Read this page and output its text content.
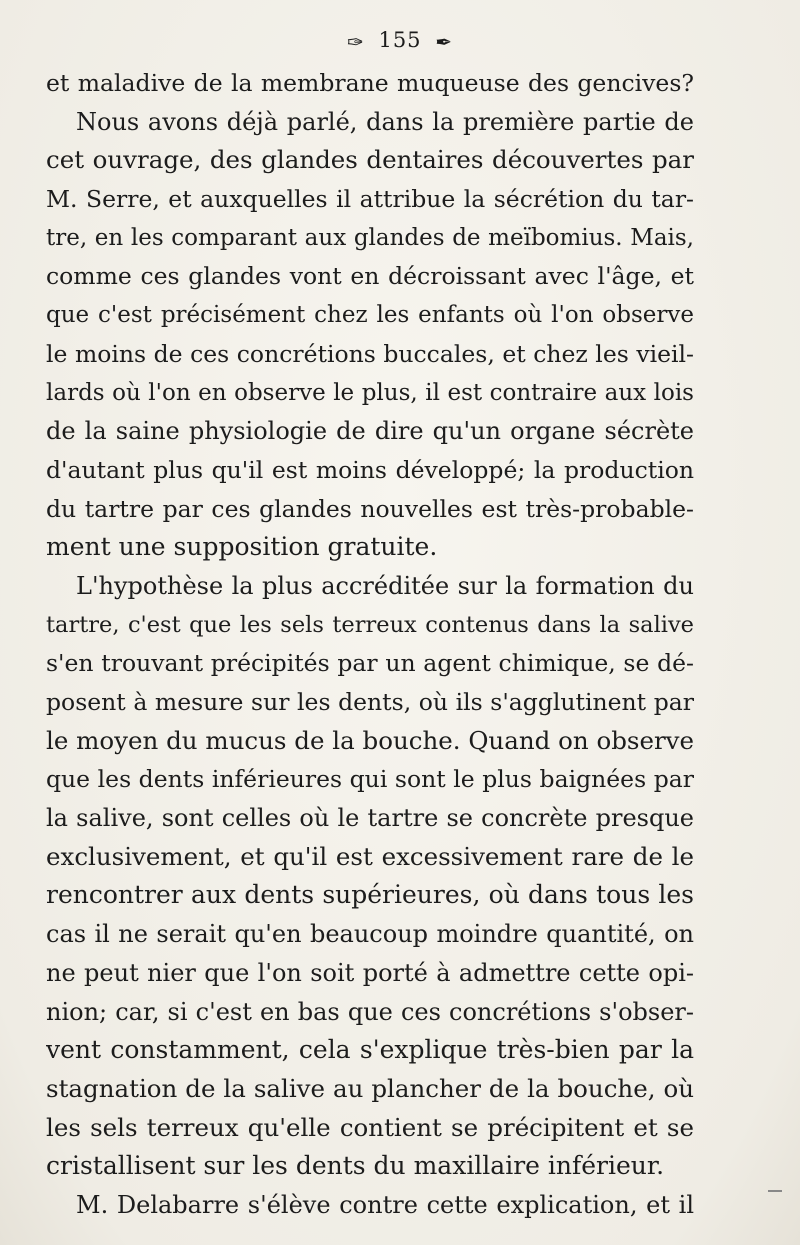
✑ 155 ✒
et maladive de la membrane muqueuse des gencives?
Nous avons déjà parlé, dans la première partie de
cet ouvrage, des glandes dentaires découvertes par
M. Serre, et auxquelles il attribue la sécrétion du tar-
tre, en les comparant aux glandes de meïbomius. Mais,
comme ces glandes vont en décroissant avec l'âge, et
que c'est précisément chez les enfants où l'on observe
le moins de ces concrétions buccales, et chez les vieil-
lards où l'on en observe le plus, il est contraire aux lois
de la saine physiologie de dire qu'un organe sécrète
d'autant plus qu'il est moins développé; la production
du tartre par ces glandes nouvelles est très-probable-
ment une supposition gratuite.
L'hypothèse la plus accréditée sur la formation du
tartre, c'est que les sels terreux contenus dans la salive
s'en trouvant précipités par un agent chimique, se dé-
posent à mesure sur les dents, où ils s'agglutinent par
le moyen du mucus de la bouche. Quand on observe
que les dents inférieures qui sont le plus baignées par
la salive, sont celles où le tartre se concrète presque
exclusivement, et qu'il est excessivement rare de le
rencontrer aux dents supérieures, où dans tous les
cas il ne serait qu'en beaucoup moindre quantité, on
ne peut nier que l'on soit porté à admettre cette opi-
nion; car, si c'est en bas que ces concrétions s'obser-
vent constamment, cela s'explique très-bien par la
stagnation de la salive au plancher de la bouche, où
les sels terreux qu'elle contient se précipitent et se
cristallisent sur les dents du maxillaire inférieur.
M. Delabarre s'élève contre cette explication, et il
